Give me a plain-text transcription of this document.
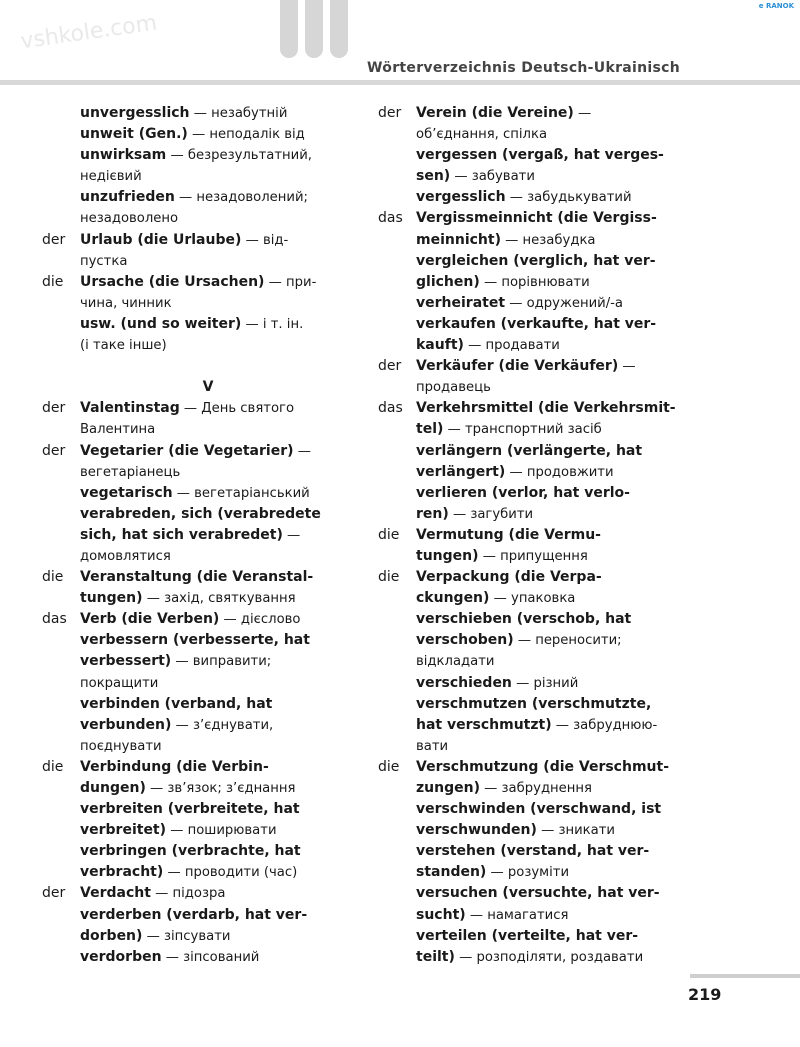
e RANOK
Wörterverzeichnis Deutsch-Ukrainisch
vshkole.com
unvergesslich — незабутній
unweit (Gen.) — неподалік від
unwirksam — безрезультатний,
недієвий
unzufrieden — незадоволений;
незадоволено
der Urlaub (die Urlaube) — від-
пустка
die Ursache (die Ursachen) — при-
чина, чинник
usw. (und so weiter) — і т. ін.
(і таке інше)
V
der Valentinstag — День святого
Валентина
der Vegetarier (die Vegetarier) —
вегетаріанець
vegetarisch — вегетаріанський
verabreden, sich (verabredete
sich, hat sich verabredet) —
домовлятися
die Veranstaltung (die Veranstal-
tungen) — захід, святкування
das Verb (die Verben) — дієслово
verbessern (verbesserte, hat
verbessert) — виправити;
покращити
verbinden (verband, hat
verbunden) — з’єднувати,
поєднувати
die Verbindung (die Verbin-
dungen) — зв’язок; з’єднання
verbreiten (verbreitete, hat
verbreitet) — поширювати
verbringen (verbrachte, hat
verbracht) — проводити (час)
der Verdacht — підозра
verderben (verdarb, hat ver-
dorben) — зіпсувати
verdorben — зіпсований
der Verein (die Vereine) —
об’єднання, спілка
vergessen (vergaß, hat verges-
sen) — забувати
vergesslich — забудькуватий
das Vergissmeinnicht (die Vergiss-
meinnicht) — незабудка
vergleichen (verglich, hat ver-
glichen) — порівнювати
verheiratet — одружений/-а
verkaufen (verkaufte, hat ver-
kauft) — продавати
der Verkäufer (die Verkäufer) —
продавець
das Verkehrsmittel (die Verkehrsmit-
tel) — транспортний засіб
verlängern (verlängerte, hat
verlängert) — продовжити
verlieren (verlor, hat verlo-
ren) — загубити
die Vermutung (die Vermu-
tungen) — припущення
die Verpackung (die Verpa-
ckungen) — упаковка
verschieben (verschob, hat
verschoben) — переносити;
відкладати
verschieden — різний
verschmutzen (verschmutzte,
hat verschmutzt) — забруднюю-
вати
die Verschmutzung (die Verschmut-
zungen) — забруднення
verschwinden (verschwand, ist
verschwunden) — зникати
verstehen (verstand, hat ver-
standen) — розуміти
versuchen (versuchte, hat ver-
sucht) — намагатися
verteilen (verteilte, hat ver-
teilt) — розподіляти, роздавати
219
